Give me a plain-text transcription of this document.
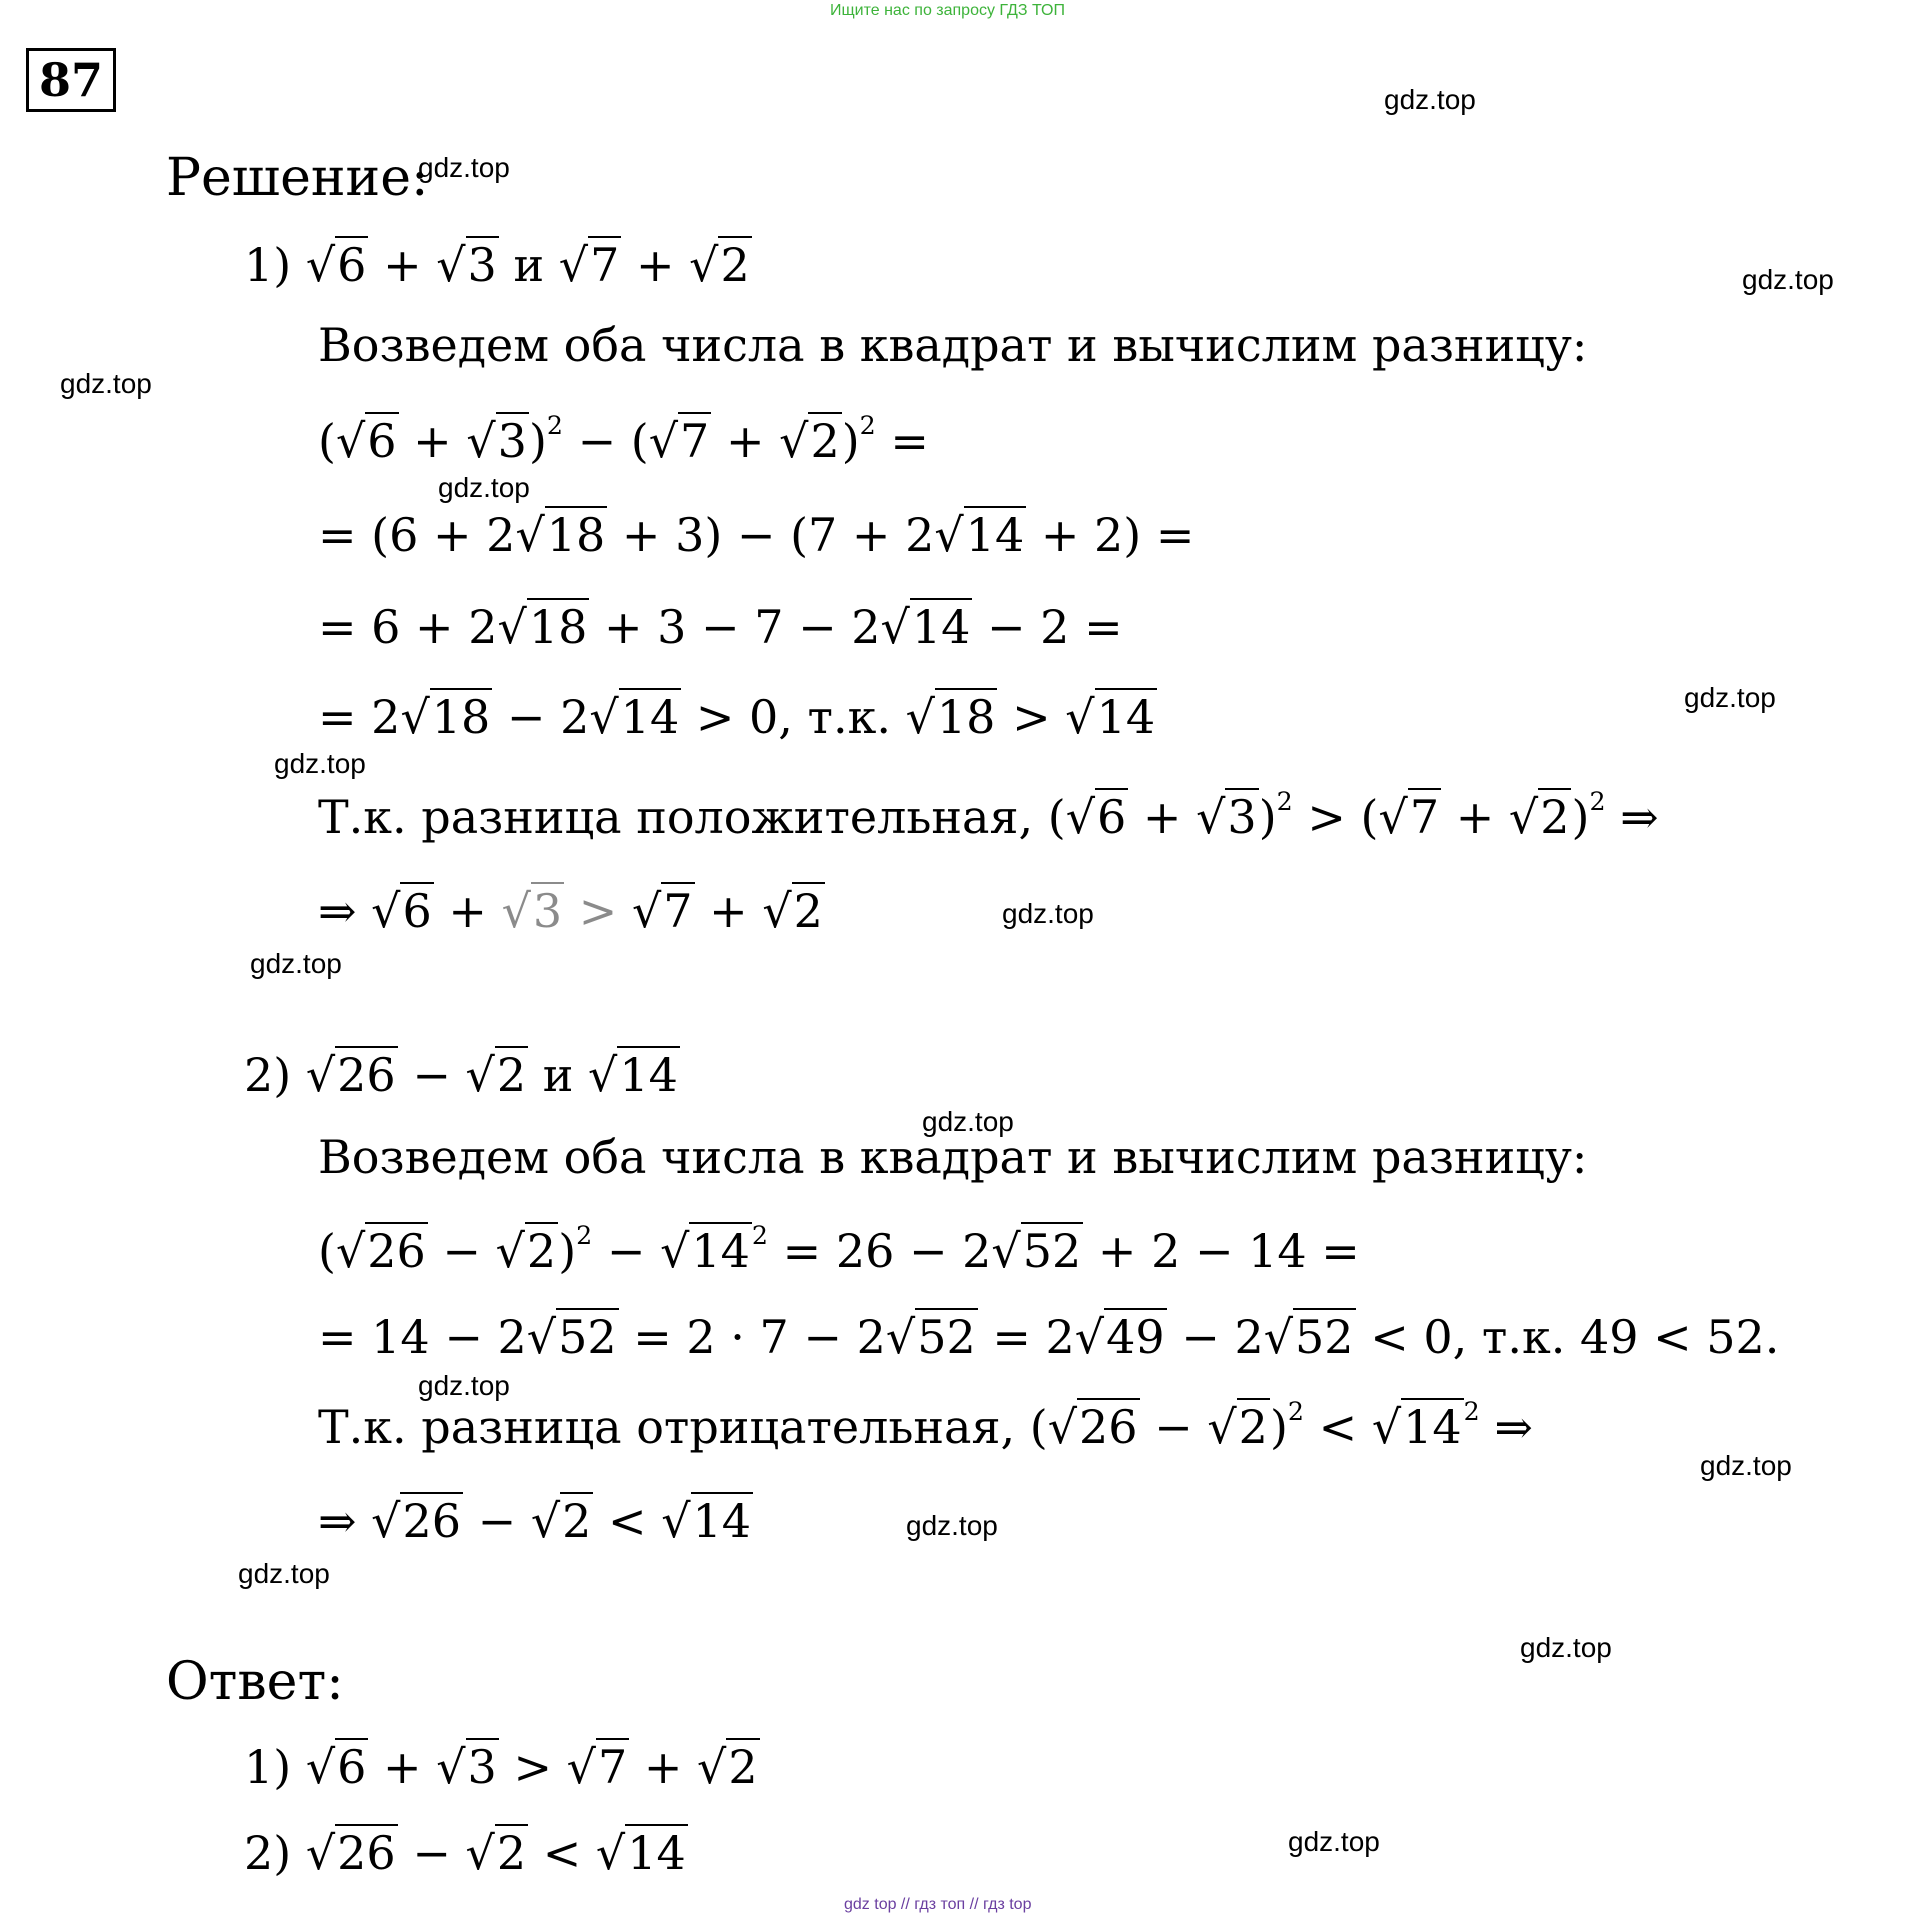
Ищите нас по запросу ГДЗ ТОП
87	gdz.top
gdz.top
gdz.top
gdz.top
gdz.top
gdz.top
gdz.top
gdz.top
gdz.top
gdz.top
gdz.top
gdz.top
gdz.top
gdz.top
gdz.top
gdz.top
Решение:
1) √6 + √3 и √7 + √2
Возведем оба числа в квадрат и вычислим разницу:
$(√6 + √3)^2 - (√7 + √2)^2$ =
= (6 + 2√18 + 3) − (7 + 2√14 + 2) =
= 6 + 2√18 + 3 − 7 − 2√14 − 2 =
= 2√18 − 2√14 > 0, т.к. √18 > √14
Т.к. разница положительная, $(√6 + √3)^2 > (√7 + √2)^2$ ⇒
⇒ √6 + √3 > √7 + √2
2) √26 − √2 и √14
Возведем оба числа в квадрат и вычислим разницу:
$(√26 - √2)^2 - √14^2 = 26 - 2√52 + 2 - 14$ =
= 14 − 2√52 = 2 · 7 − 2√52 = 2√49 − 2√52 < 0, т.к. 49 < 52.
Т.к. разница отрицательная, $(√26 - √2)^2 < √14^2$ ⇒
⇒ √26 − √2 < √14
Ответ:
1) √6 + √3 > √7 + √2
2) √26 − √2 < √14
gdz top // гдз топ // гдз top
